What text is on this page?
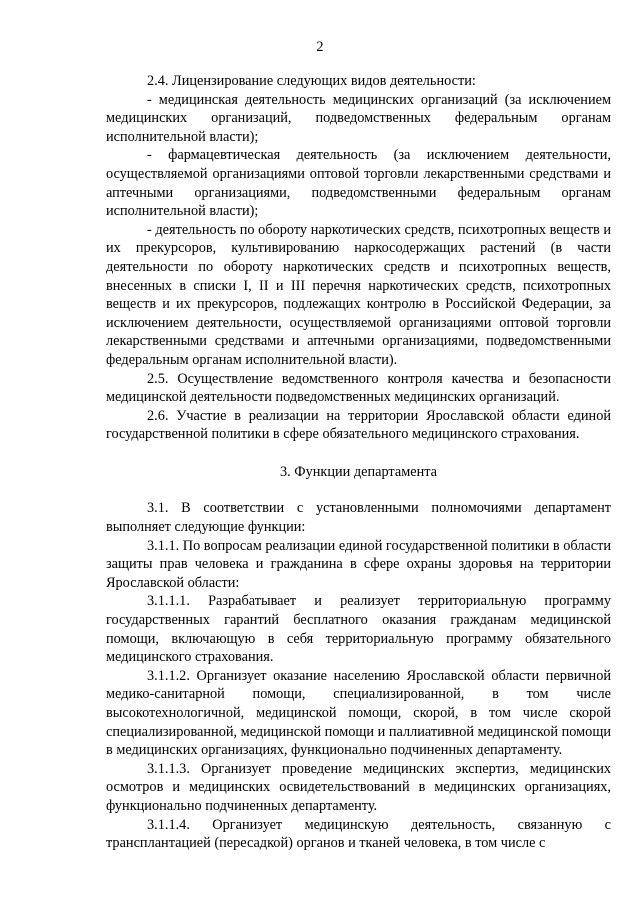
2

2.4. Лицензирование следующих видов деятельности:

- медицинская деятельность медицинских организаций (за исключением медицинских организаций, подведомственных федеральным органам исполнительной власти);

- фармацевтическая деятельность (за исключением деятельности, осуществляемой организациями оптовой торговли лекарственными средствами и аптечными организациями, подведомственными федеральным органам исполнительной власти);

- деятельность по обороту наркотических средств, психотропных веществ и их прекурсоров, культивированию наркосодержащих растений (в части деятельности по обороту наркотических средств и психотропных веществ, внесенных в списки I, II и III перечня наркотических средств, психотропных веществ и их прекурсоров, подлежащих контролю в Российской Федерации, за исключением деятельности, осуществляемой организациями оптовой торговли лекарственными средствами и аптечными организациями, подведомственными федеральным органам исполнительной власти).

2.5. Осуществление ведомственного контроля качества и безопасности медицинской деятельности подведомственных медицинских организаций.

2.6. Участие в реализации на территории Ярославской области единой государственной политики в сфере обязательного медицинского страхования.

3. Функции департамента

3.1. В соответствии с установленными полномочиями департамент выполняет следующие функции:

3.1.1. По вопросам реализации единой государственной политики в области защиты прав человека и гражданина в сфере охраны здоровья на территории Ярославской области:

3.1.1.1. Разрабатывает и реализует территориальную программу государственных гарантий бесплатного оказания гражданам медицинской помощи, включающую в себя территориальную программу обязательного медицинского страхования.

3.1.1.2. Организует оказание населению Ярославской области первичной медико-санитарной помощи, специализированной, в том числе высокотехнологичной, медицинской помощи, скорой, в том числе скорой специализированной, медицинской помощи и паллиативной медицинской помощи в медицинских организациях, функционально подчиненных департаменту.

3.1.1.3. Организует проведение медицинских экспертиз, медицинских осмотров и медицинских освидетельствований в медицинских организациях, функционально подчиненных департаменту.

3.1.1.4. Организует медицинскую деятельность, связанную с трансплантацией (пересадкой) органов и тканей человека, в том числе с
